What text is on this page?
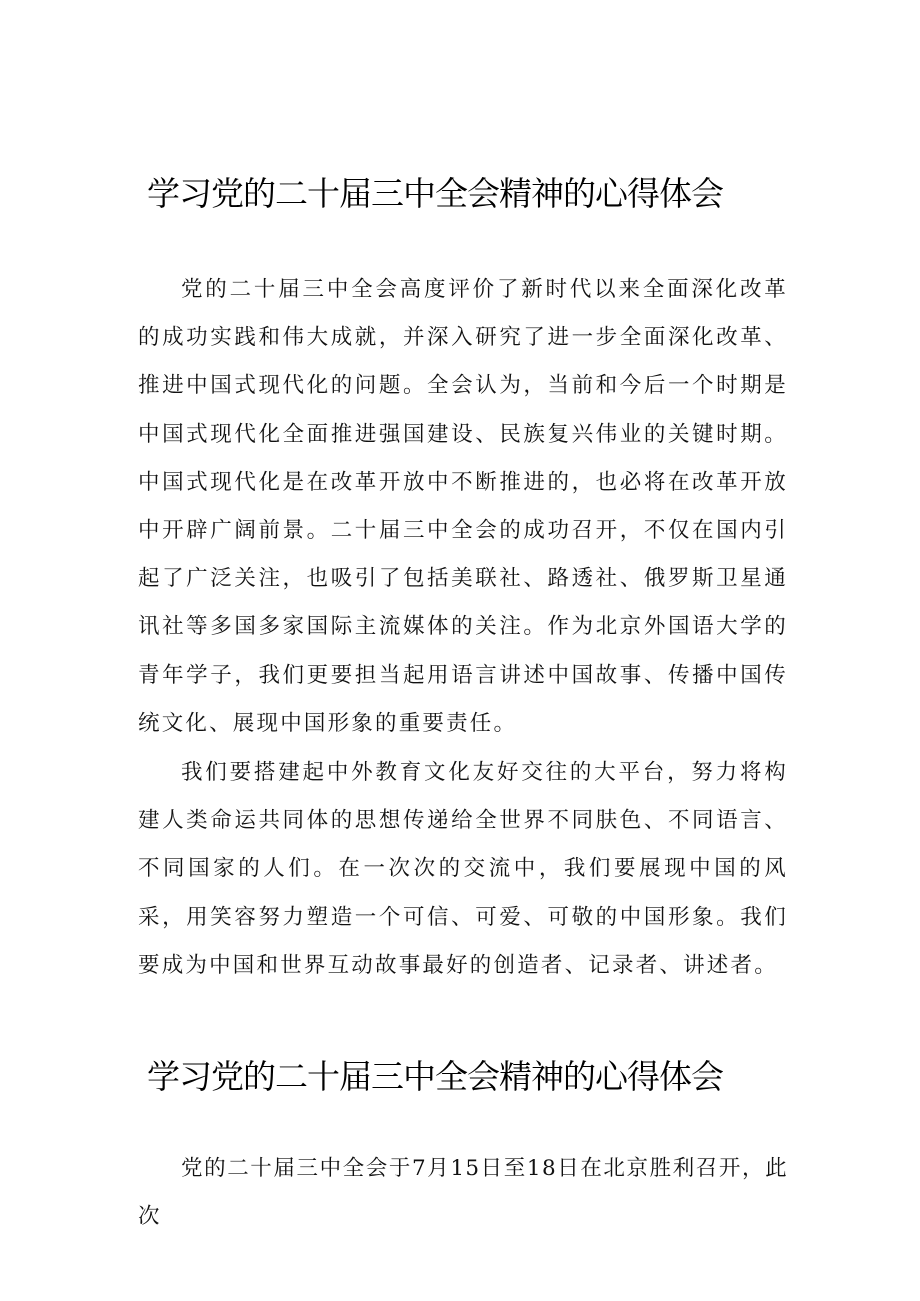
学习党的二十届三中全会精神的心得体会

党的二十届三中全会高度评价了新时代以来全面深化改革的成功实践和伟大成就，并深入研究了进一步全面深化改革、推进中国式现代化的问题。全会认为，当前和今后一个时期是中国式现代化全面推进强国建设、民族复兴伟业的关键时期。中国式现代化是在改革开放中不断推进的，也必将在改革开放中开辟广阔前景。二十届三中全会的成功召开，不仅在国内引起了广泛关注，也吸引了包括美联社、路透社、俄罗斯卫星通讯社等多国多家国际主流媒体的关注。作为北京外国语大学的青年学子，我们更要担当起用语言讲述中国故事、传播中国传统文化、展现中国形象的重要责任。

我们要搭建起中外教育文化友好交往的大平台，努力将构建人类命运共同体的思想传递给全世界不同肤色、不同语言、不同国家的人们。在一次次的交流中，我们要展现中国的风采，用笑容努力塑造一个可信、可爱、可敬的中国形象。我们要成为中国和世界互动故事最好的创造者、记录者、讲述者。

学习党的二十届三中全会精神的心得体会

党的二十届三中全会于7月15日至18日在北京胜利召开，此次
